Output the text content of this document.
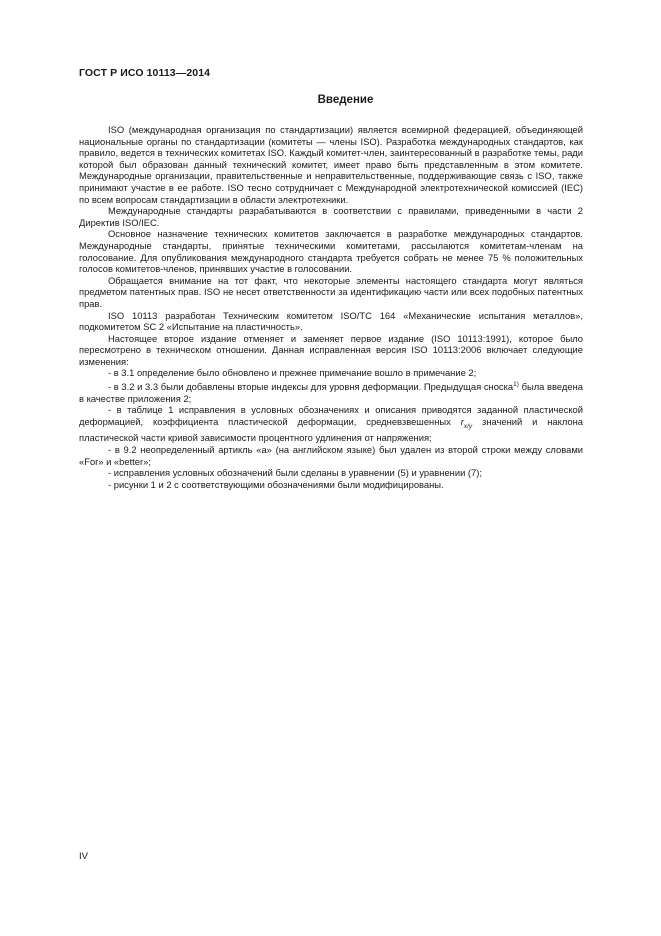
ГОСТ Р ИСО 10113—2014
Введение

ISO (международная организация по стандартизации) является всемирной федерацией, объединяющей национальные органы по стандартизации (комитеты — члены ISO). Разработка международных стандартов, как правило, ведется в технических комитетах ISO. Каждый комитет-член, заинтересованный в разработке темы, ради которой был образован данный технический комитет, имеет право быть представленным в этом комитете. Международные организации, правительственные и неправительственные, поддерживающие связь с ISO, также принимают участие в ее работе. ISO тесно сотрудничает с Международной электротехнической комиссией (IEC) по всем вопросам стандартизации в области электротехники.

Международные стандарты разрабатываются в соответствии с правилами, приведенными в части 2 Директив ISO/IEC.

Основное назначение технических комитетов заключается в разработке международных стандартов. Международные стандарты, принятые техническими комитетами, рассылаются комитетам-членам на голосование. Для опубликования международного стандарта требуется собрать не менее 75 % положительных голосов комитетов-членов, принявших участие в голосовании.

Обращается внимание на тот факт, что некоторые элементы настоящего стандарта могут являться предметом патентных прав. ISO не несет ответственности за идентификацию части или всех подобных патентных прав.

ISO 10113 разработан Техническим комитетом ISO/TC 164 «Механические испытания металлов», подкомитетом SC 2 «Испытание на пластичность».

Настоящее второе издание отменяет и заменяет первое издание (ISO 10113:1991), которое было пересмотрено в техническом отношении. Данная исправленная версия ISO 10113:2006 включает следующие изменения:

- в 3.1 определение было обновлено и прежнее примечание вошло в примечание 2;

- в 3.2 и 3.3 были добавлены вторые индексы для уровня деформации. Предыдущая сноска$^{1)}$ была введена в качестве приложения 2;

- в таблице 1 исправления в условных обозначениях и описания приводятся заданной пластической деформацией, коэффициента пластической деформации, средневзвешенных $r_{x/y}$ значений и наклона пластической части кривой зависимости процентного удлинения от напряжения;

- в 9.2 неопределенный артикль «a» (на английском языке) был удален из второй строки между словами «For» и «better»;

- исправления условных обозначений были сделаны в уравнении (5) и уравнении (7);

- рисунки 1 и 2 с соответствующими обозначениями были модифицированы.

IV
